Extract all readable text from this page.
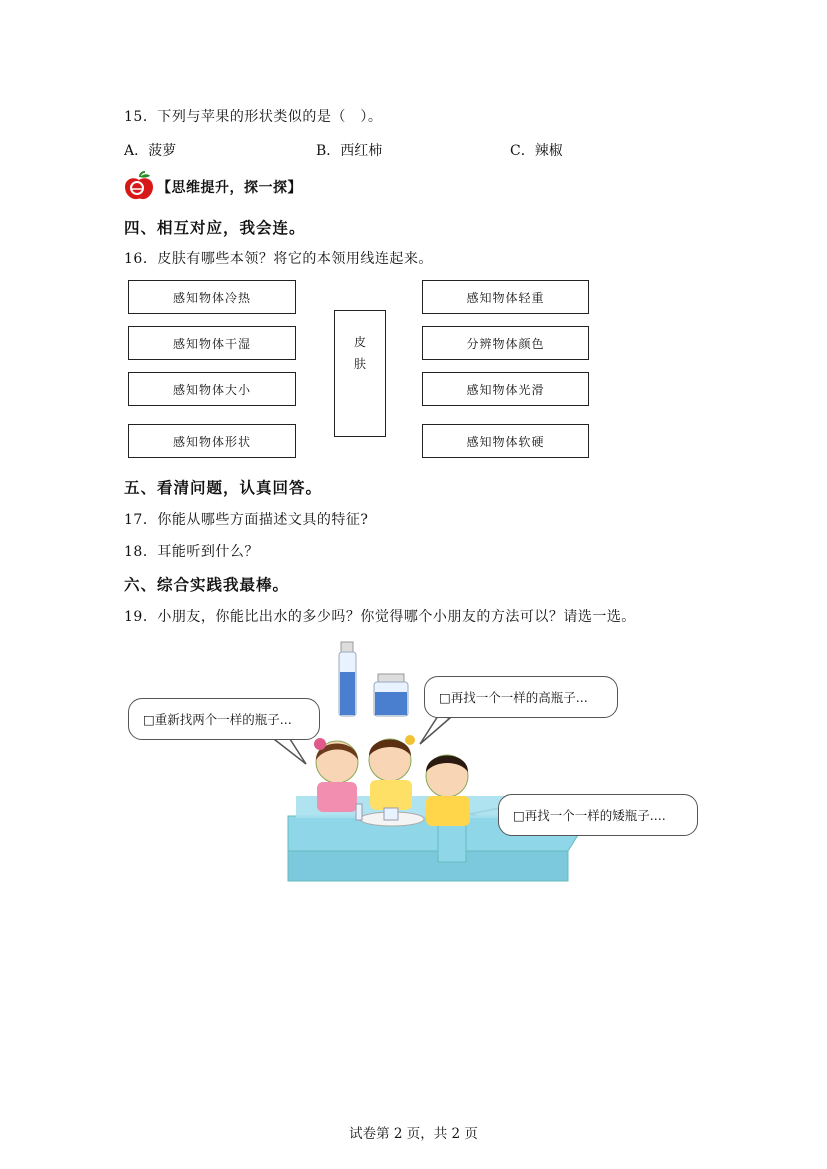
15．下列与苹果的形状类似的是（　）。
A．菠萝	B．西红柿	C．辣椒
【思维提升，探一探】
四、相互对应，我会连。
16．皮肤有哪些本领？将它的本领用线连起来。
感知物体冷热
感知物体干湿
感知物体大小
感知物体形状
皮
肤
感知物体轻重
分辨物体颜色
感知物体光滑
感知物体软硬
五、看清问题，认真回答。
17．你能从哪些方面描述文具的特征?
18．耳能听到什么？
六、综合实践我最棒。
19．小朋友，你能比出水的多少吗？你觉得哪个小朋友的方法可以？请选一选。
□重新找两个一样的瓶子...
□再找一个一样的高瓶子...
□再找一个一样的矮瓶子....
试卷第 2 页，共 2 页
